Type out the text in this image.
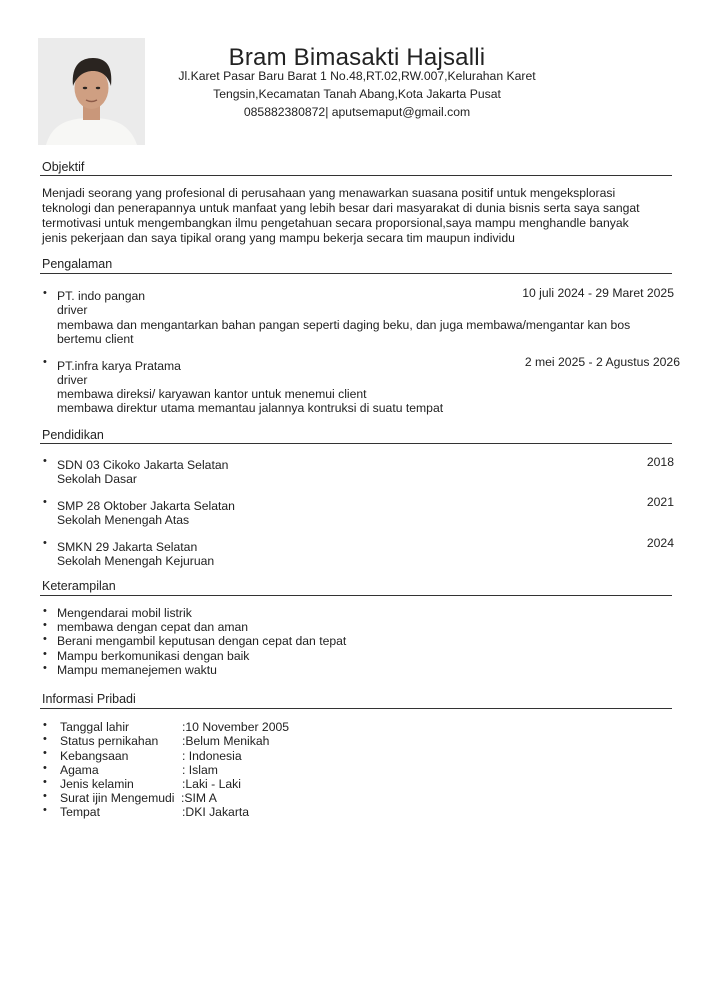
Bram Bimasakti Hajsalli
Jl.Karet Pasar Baru Barat 1 No.48,RT.02,RW.007,Kelurahan Karet
Tengsin,Kecamatan Tanah Abang,Kota Jakarta Pusat
085882380872| aputsemaput@gmail.com
Objektif
Menjadi seorang yang profesional di perusahaan yang menawarkan suasana positif untuk mengeksplorasi
teknologi dan penerapannya untuk manfaat yang lebih besar dari masyarakat di dunia bisnis serta saya sangat
termotivasi untuk mengembangkan ilmu pengetahuan secara proporsional,saya mampu menghandle banyak
jenis pekerjaan dan saya tipikal orang yang mampu bekerja secara tim maupun individu
Pengalaman
• PT. indo pangan	10 juli 2024 - 29 Maret 2025
driver
membawa dan mengantarkan bahan pangan seperti daging beku, dan juga membawa/mengantar kan bos
bertemu client
• PT.infra karya Pratama	2 mei 2025 - 2 Agustus 2026
driver
membawa direksi/ karyawan kantor untuk menemui client
membawa direktur utama memantau jalannya kontruksi di suatu tempat
Pendidikan
• SDN 03 Cikoko Jakarta Selatan
Sekolah Dasar
2018
• SMP 28 Oktober Jakarta Selatan
Sekolah Menengah Atas
2021
• SMKN 29 Jakarta Selatan
Sekolah Menengah Kejuruan
2024
Keterampilan
• Mengendarai mobil listrik
• membawa dengan cepat dan aman
• Berani mengambil keputusan dengan cepat dan tepat
• Mampu berkomunikasi dengan baik
• Mampu memanejemen waktu
Informasi Pribadi
• Tanggal lahir	:10 November 2005
• Status pernikahan :Belum Menikah
• Kebangsaan	: Indonesia
• Agama	: Islam
• Jenis kelamin	:Laki - Laki
• Surat ijin Mengemudi :SIM A
• Tempat	:DKI Jakarta
